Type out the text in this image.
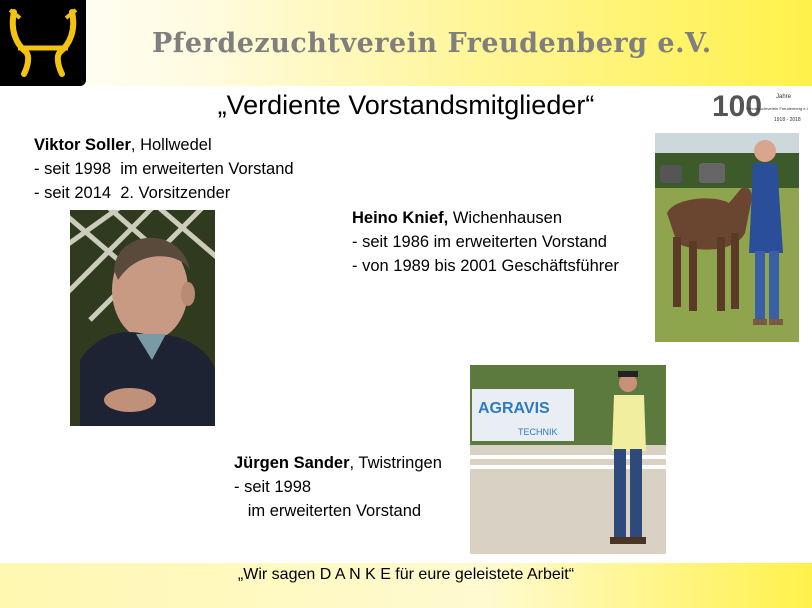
Pferdezuchtverein Freudenberg e.V.
100 Jahre
Pferdezuchtverein Freudenberg e.V.
1918 - 2018
„Verdiente Vorstandsmitglieder“
Viktor Soller, Hollwedel
- seit 1998  im erweiterten Vorstand
- seit 2014  2. Vorsitzender
Heino Knief, Wichenhausen
- seit 1986 im erweiterten Vorstand
- von 1989 bis 2001 Geschäftsführer
Jürgen Sander, Twistringen
- seit 1998
im erweiterten Vorstand
AGRAVIS
TECHNIK
„Wir sagen D A N K E für eure geleistete Arbeit“
